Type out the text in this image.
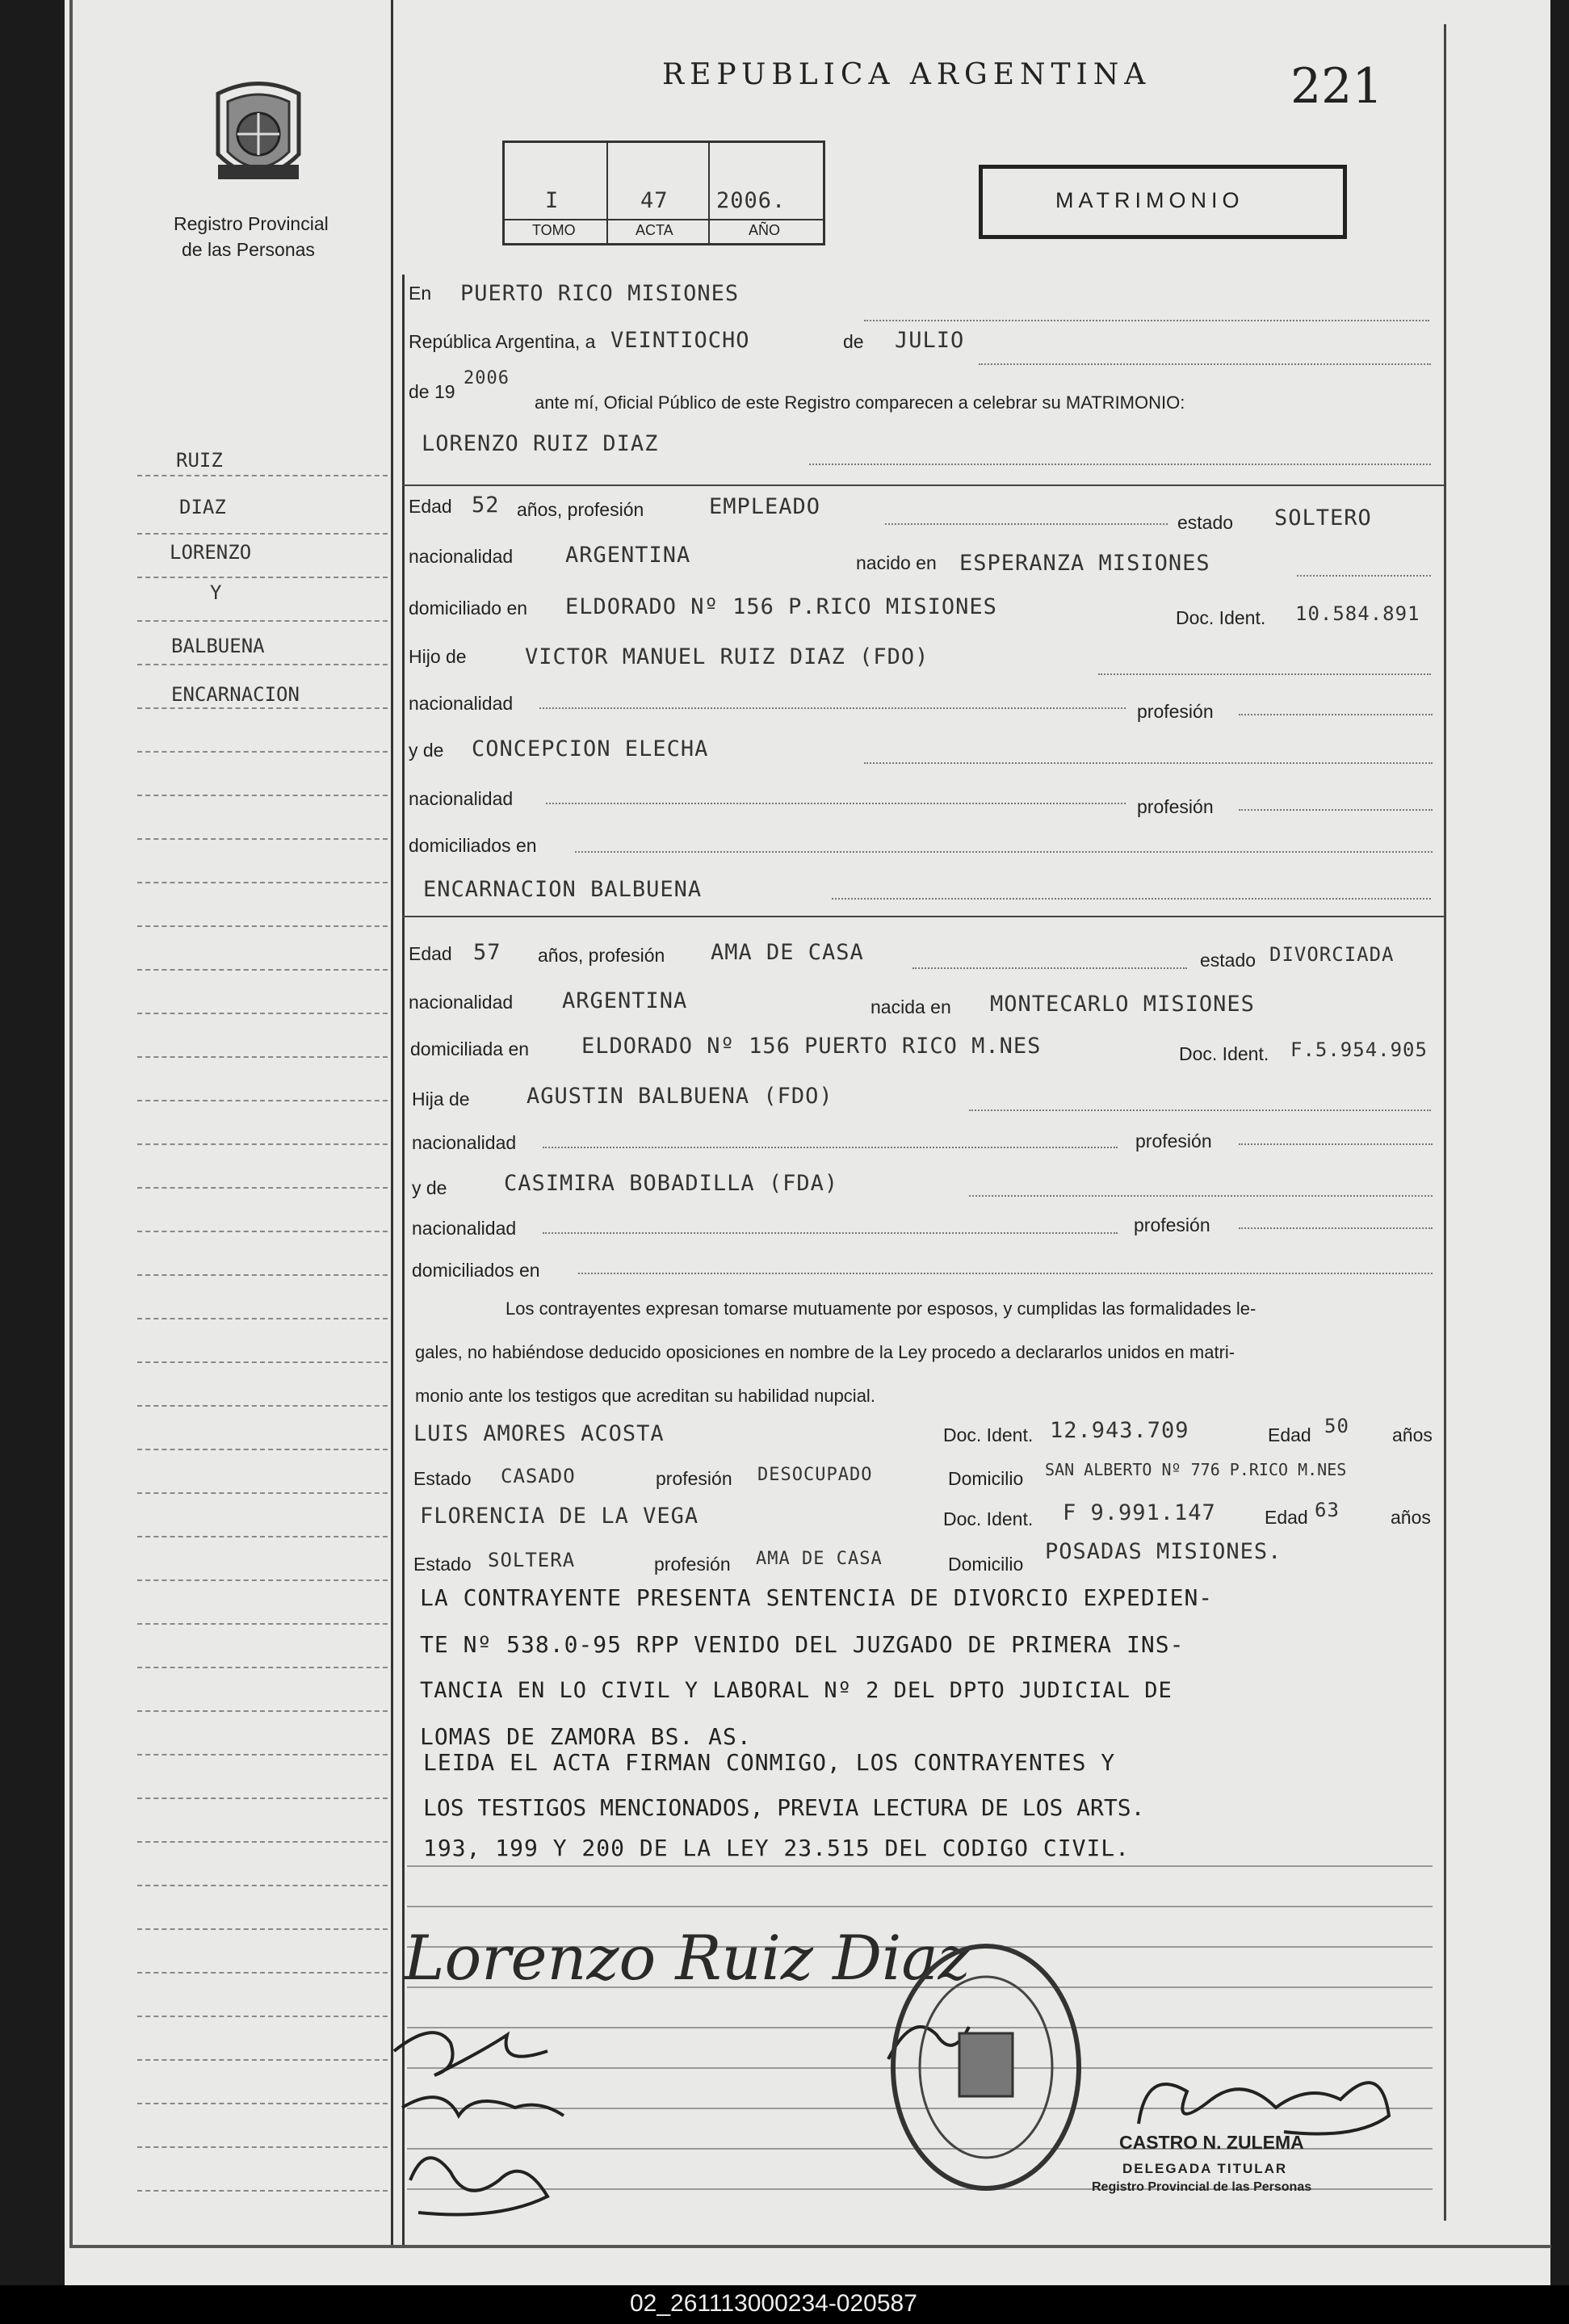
Registro Provincial
de las Personas
REPUBLICA ARGENTINA	221
I	47 2006.
TOMO	ACTA	AÑO
MATRIMONIO
RUIZ
DIAZ
LORENZO
Y
BALBUENA
ENCARNACION
En PUERTO RICO MISIONES
República Argentina, a VEINTIOCHO	de JULIO
de 19
2006
ante mí, Oficial Público de este Registro comparecen a celebrar su MATRIMONIO:
LORENZO RUIZ DIAZ
Edad 52 años, profesión	EMPLEADO
estado SOLTERO
nacionalidad ARGENTINA	nacido en ESPERANZA MISIONES
domiciliado en ELDORADO Nº 156 P.RICO MISIONES	Doc. Ident. 10.584.891
Hijo de	VICTOR MANUEL RUIZ DIAZ (FDO)
nacionalidad	profesión
y de CONCEPCION ELECHA
nacionalidad	profesión
domiciliados en
ENCARNACION BALBUENA
Edad 57 años, profesión AMA DE CASA	estado DIVORCIADA
nacionalidad ARGENTINA	nacida en MONTECARLO MISIONES
domiciliada en ELDORADO Nº 156 PUERTO RICO M.NES	Doc. Ident. F.5.954.905
Hija de	AGUSTIN BALBUENA (FDO)
nacionalidad	profesión
y de	CASIMIRA BOBADILLA (FDA)
nacionalidad	profesión
domiciliados en
Los contrayentes expresan tomarse mutuamente por esposos, y cumplidas las formalidades le-
gales, no habiéndose deducido oposiciones en nombre de la Ley procedo a declararlos unidos en matri-
monio ante los testigos que acreditan su habilidad nupcial.
LUIS AMORES ACOSTA	Doc. Ident. 12.943.709	Edad 50 años
Estado CASADO	profesión DESOCUPADO	Domicilio SAN ALBERTO Nº 776 P.RICO M.NES
FLORENCIA DE LA VEGA	Doc. Ident. F 9.991.147	Edad 63	años
Estado SOLTERA	profesión AMA DE CASA	Domicilio POSADAS MISIONES.
LA CONTRAYENTE PRESENTA SENTENCIA DE DIVORCIO EXPEDIEN-
TE Nº 538.0-95 RPP VENIDO DEL JUZGADO DE PRIMERA INS-
TANCIA EN LO CIVIL Y LABORAL Nº 2 DEL DPTO JUDICIAL DE
LOMAS DE ZAMORA BS. AS.
LEIDA EL ACTA FIRMAN CONMIGO, LOS CONTRAYENTES Y
LOS TESTIGOS MENCIONADOS, PREVIA LECTURA DE LOS ARTS.
193, 199 Y 200 DE LA LEY 23.515 DEL CODIGO CIVIL.
Lorenzo Ruiz Diaz
CASTRO N. ZULEMA
DELEGADA TITULAR
Registro Provincial de las Personas
02_261113000234-020587
